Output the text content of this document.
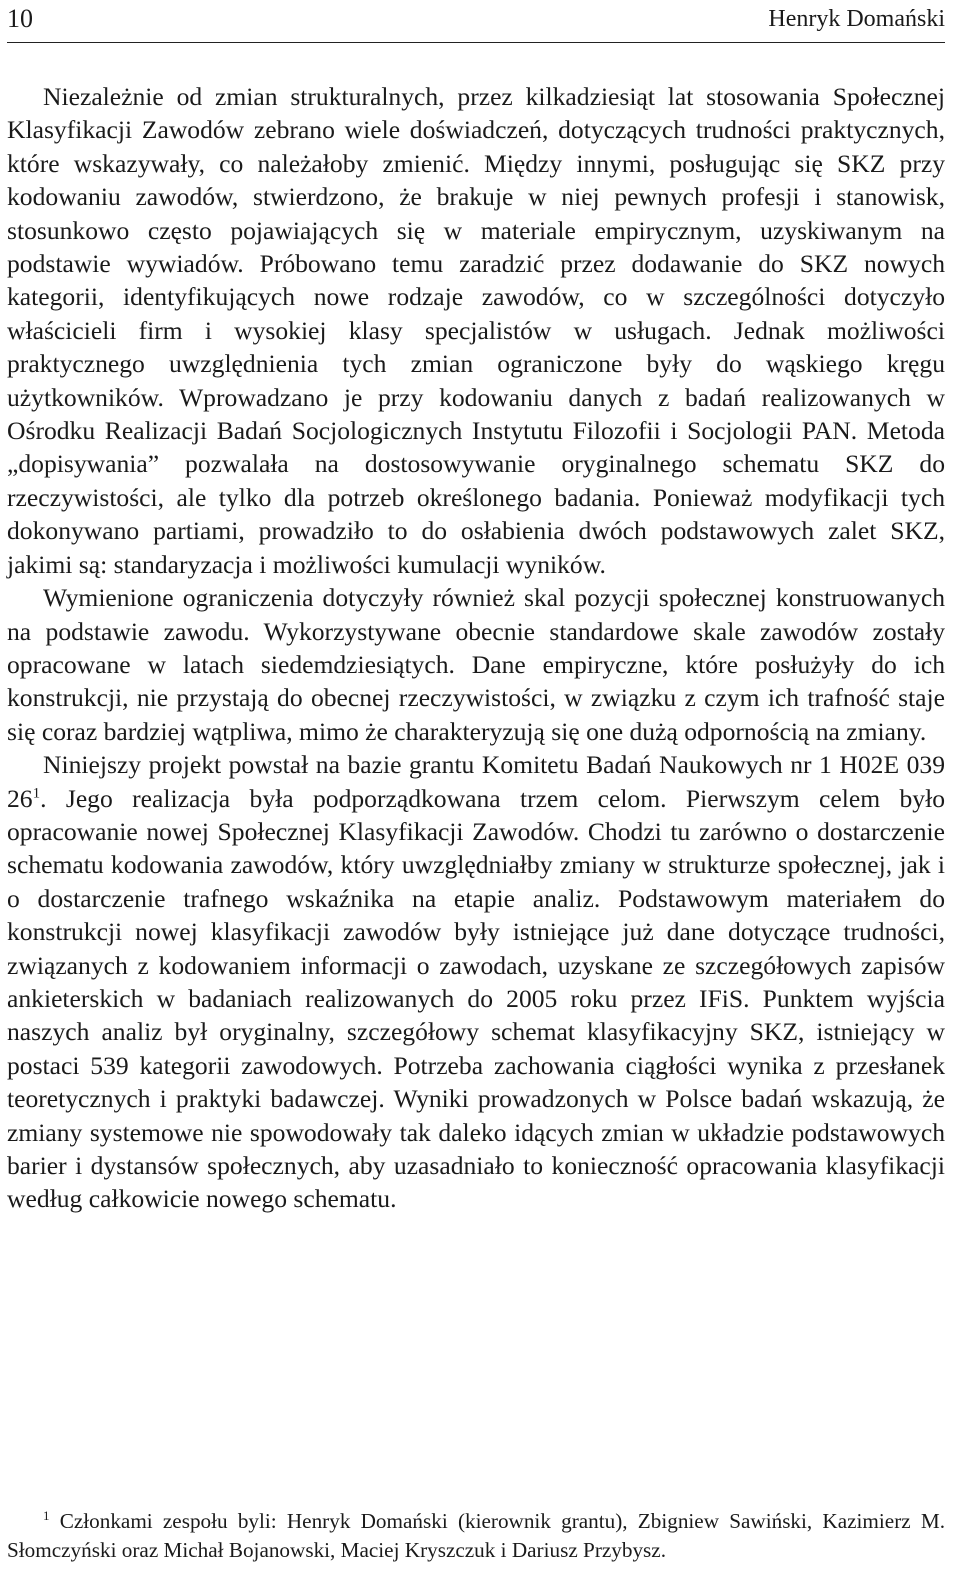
10	Henryk Domański

Niezależnie od zmian strukturalnych, przez kilkadziesiąt lat stosowania Społecznej Klasyfikacji Zawodów zebrano wiele doświadczeń, dotyczących trudności praktycznych, które wskazywały, co należałoby zmienić. Między innymi, posługując się SKZ przy kodowaniu zawodów, stwierdzono, że brakuje w niej pewnych profesji i stanowisk, stosunkowo często pojawiających się w materiale empirycznym, uzyskiwanym na podstawie wywiadów. Próbowano temu zaradzić przez dodawanie do SKZ nowych kategorii, identyfikujących nowe rodzaje zawodów, co w szczególności dotyczyło właścicieli firm i wysokiej klasy specjalistów w usługach. Jednak możliwości praktycznego uwzględnienia tych zmian ograniczone były do wąskiego kręgu użytkowników. Wprowadzano je przy kodowaniu danych z badań realizowanych w Ośrodku Realizacji Badań Socjologicznych Instytutu Filozofii i Socjologii PAN. Metoda „dopisywania” pozwalała na dostosowywanie oryginalnego schematu SKZ do rzeczywistości, ale tylko dla potrzeb określonego badania. Ponieważ modyfikacji tych dokonywano partiami, prowadziło to do osłabienia dwóch podstawowych zalet SKZ, jakimi są: standaryzacja i możliwości kumulacji wyników.

Wymienione ograniczenia dotyczyły również skal pozycji społecznej konstruowanych na podstawie zawodu. Wykorzystywane obecnie standardowe skale zawodów zostały opracowane w latach siedemdziesiątych. Dane empiryczne, które posłużyły do ich konstrukcji, nie przystają do obecnej rzeczywistości, w związku z czym ich trafność staje się coraz bardziej wątpliwa, mimo że charakteryzują się one dużą odpornością na zmiany.

Niniejszy projekt powstał na bazie grantu Komitetu Badań Naukowych nr 1 H02E 039 26$^1$. Jego realizacja była podporządkowana trzem celom. Pierwszym celem było opracowanie nowej Społecznej Klasyfikacji Zawodów. Chodzi tu zarówno o dostarczenie schematu kodowania zawodów, który uwzględniałby zmiany w strukturze społecznej, jak i o dostarczenie trafnego wskaźnika na etapie analiz. Podstawowym materiałem do konstrukcji nowej klasyfikacji zawodów były istniejące już dane dotyczące trudności, związanych z kodowaniem informacji o zawodach, uzyskane ze szczegółowych zapisów ankieterskich w badaniach realizowanych do 2005 roku przez IFiS. Punktem wyjścia naszych analiz był oryginalny, szczegółowy schemat klasyfikacyjny SKZ, istniejący w postaci 539 kategorii zawodowych. Potrzeba zachowania ciągłości wynika z przesłanek teoretycznych i praktyki badawczej. Wyniki prowadzonych w Polsce badań wskazują, że zmiany systemowe nie spowodowały tak daleko idących zmian w układzie podstawowych barier i dystansów społecznych, aby uzasadniało to konieczność opracowania klasyfikacji według całkowicie nowego schematu.

$^1$ Członkami zespołu byli: Henryk Domański (kierownik grantu), Zbigniew Sawiński, Kazimierz M. Słomczyński oraz Michał Bojanowski, Maciej Kryszczuk i Dariusz Przybysz.
